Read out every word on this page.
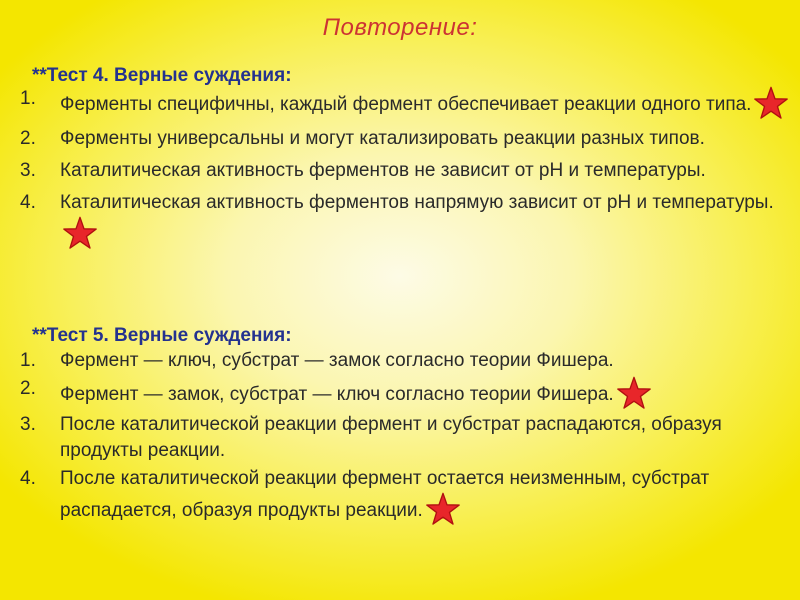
Повторение:
**Тест 4. Верные суждения:
1. Ферменты специфичны, каждый фермент обеспечивает реакции одного типа.
2. Ферменты универсальны и могут катализировать реакции разных типов.
3. Каталитическая активность ферментов не зависит от рН и температуры.
4. Каталитическая активность ферментов напрямую зависит от рН и температуры.
**Тест 5. Верные суждения:
1. Фермент — ключ, субстрат — замок согласно теории Фишера.
2. Фермент — замок, субстрат — ключ согласно теории Фишера.
3. После каталитической реакции фермент и субстрат распадаются, образуя продукты реакции.
4. После каталитической реакции фермент остается неизменным, субстрат распадается, образуя продукты реакции.
